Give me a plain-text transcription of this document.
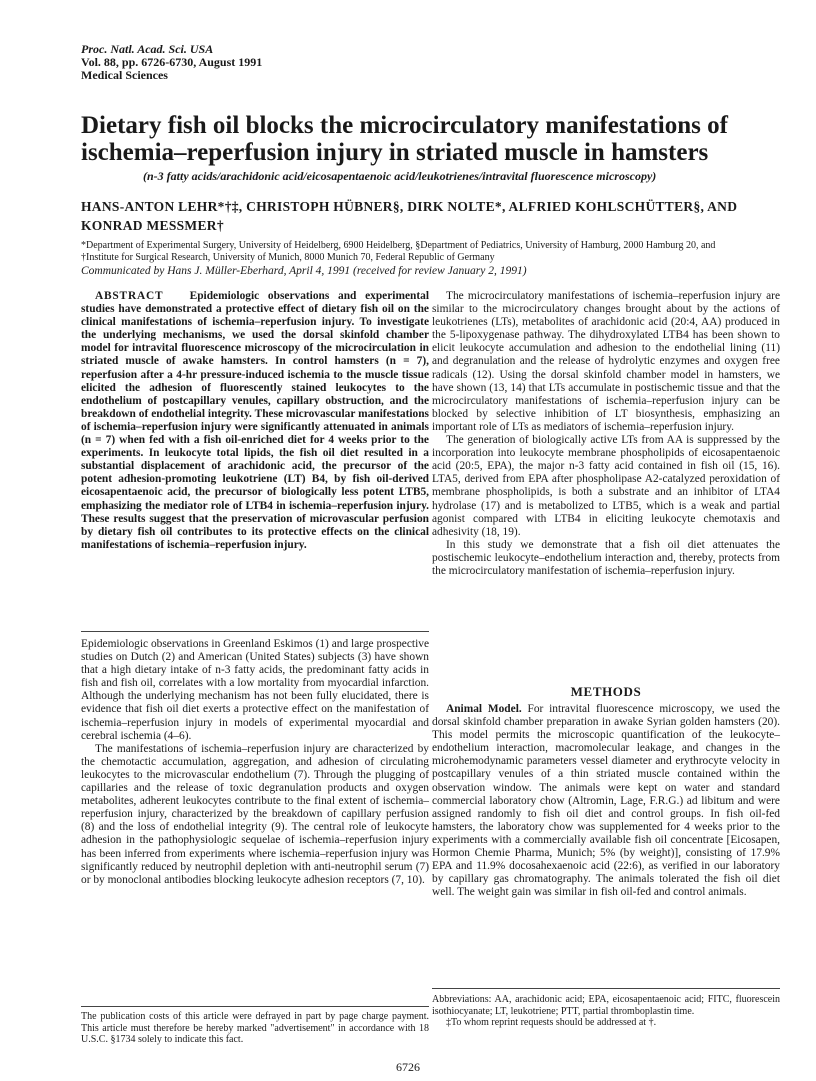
Proc. Natl. Acad. Sci. USA
Vol. 88, pp. 6726-6730, August 1991
Medical Sciences
Dietary fish oil blocks the microcirculatory manifestations of ischemia–reperfusion injury in striated muscle in hamsters
(n-3 fatty acids/arachidonic acid/eicosapentaenoic acid/leukotrienes/intravital fluorescence microscopy)
HANS-ANTON LEHR*†‡, CHRISTOPH HÜBNER§, DIRK NOLTE*, ALFRIED KOHLSCHÜTTER§, AND KONRAD MESSMER†
*Department of Experimental Surgery, University of Heidelberg, 6900 Heidelberg, §Department of Pediatrics, University of Hamburg, 2000 Hamburg 20, and †Institute for Surgical Research, University of Munich, 8000 Munich 70, Federal Republic of Germany
Communicated by Hans J. Müller-Eberhard, April 4, 1991 (received for review January 2, 1991)

ABSTRACT Epidemiologic observations and experimental studies have demonstrated a protective effect of dietary fish oil on the clinical manifestations of ischemia–reperfusion injury. To investigate the underlying mechanisms, we used the dorsal skinfold chamber model for intravital fluorescence microscopy of the microcirculation in striated muscle of awake hamsters. In control hamsters (n = 7), reperfusion after a 4-hr pressure-induced ischemia to the muscle tissue elicited the adhesion of fluorescently stained leukocytes to the endothelium of postcapillary venules, capillary obstruction, and the breakdown of endothelial integrity. These microvascular manifestations of ischemia–reperfusion injury were significantly attenuated in animals (n = 7) when fed with a fish oil-enriched diet for 4 weeks prior to the experiments. In leukocyte total lipids, the fish oil diet resulted in a substantial displacement of arachidonic acid, the precursor of the potent adhesion-promoting leukotriene (LT) B4, by fish oil-derived eicosapentaenoic acid, the precursor of biologically less potent LTB5, emphasizing the mediator role of LTB4 in ischemia–reperfusion injury. These results suggest that the preservation of microvascular perfusion by dietary fish oil contributes to its protective effects on the clinical manifestations of ischemia–reperfusion injury.

Epidemiologic observations in Greenland Eskimos (1) and large prospective studies on Dutch (2) and American (United States) subjects (3) have shown that a high dietary intake of n-3 fatty acids, the predominant fatty acids in fish and fish oil, correlates with a low mortality from myocardial infarction. Although the underlying mechanism has not been fully elucidated, there is evidence that fish oil diet exerts a protective effect on the manifestation of ischemia–reperfusion injury in models of experimental myocardial and cerebral ischemia (4–6).

The manifestations of ischemia–reperfusion injury are characterized by the chemotactic accumulation, aggregation, and adhesion of circulating leukocytes to the microvascular endothelium (7). Through the plugging of capillaries and the release of toxic degranulation products and oxygen metabolites, adherent leukocytes contribute to the final extent of ischemia–reperfusion injury, characterized by the breakdown of capillary perfusion (8) and the loss of endothelial integrity (9). The central role of leukocyte adhesion in the pathophysiologic sequelae of ischemia–reperfusion injury has been inferred from experiments where ischemia–reperfusion injury was significantly reduced by neutrophil depletion with anti-neutrophil serum (7) or by monoclonal antibodies blocking leukocyte adhesion receptors (7, 10).

The microcirculatory manifestations of ischemia–reperfusion injury are similar to the microcirculatory changes brought about by the actions of leukotrienes (LTs), metabolites of arachidonic acid (20:4, AA) produced in the 5-lipoxygenase pathway. The dihydroxylated LTB4 has been shown to elicit leukocyte accumulation and adhesion to the endothelial lining (11) and degranulation and the release of hydrolytic enzymes and oxygen free radicals (12). Using the dorsal skinfold chamber model in hamsters, we have shown (13, 14) that LTs accumulate in postischemic tissue and that the microcirculatory manifestations of ischemia–reperfusion injury can be blocked by selective inhibition of LT biosynthesis, emphasizing an important role of LTs as mediators of ischemia–reperfusion injury.

The generation of biologically active LTs from AA is suppressed by the incorporation into leukocyte membrane phospholipids of eicosapentaenoic acid (20:5, EPA), the major n-3 fatty acid contained in fish oil (15, 16). LTA5, derived from EPA after phospholipase A2-catalyzed peroxidation of membrane phospholipids, is both a substrate and an inhibitor of LTA4 hydrolase (17) and is metabolized to LTB5, which is a weak and partial agonist compared with LTB4 in eliciting leukocyte chemotaxis and adhesivity (18, 19).

In this study we demonstrate that a fish oil diet attenuates the postischemic leukocyte–endothelium interaction and, thereby, protects from the microcirculatory manifestation of ischemia–reperfusion injury.

METHODS

Animal Model. For intravital fluorescence microscopy, we used the dorsal skinfold chamber preparation in awake Syrian golden hamsters (20). This model permits the microscopic quantification of the leukocyte–endothelium interaction, macromolecular leakage, and changes in the microhemodynamic parameters vessel diameter and erythrocyte velocity in postcapillary venules of a thin striated muscle contained within the observation window. The animals were kept on water and standard commercial laboratory chow (Altromin, Lage, F.R.G.) ad libitum and were assigned randomly to fish oil diet and control groups. In fish oil-fed hamsters, the laboratory chow was supplemented for 4 weeks prior to the experiments with a commercially available fish oil concentrate [Eicosapen, Hormon Chemie Pharma, Munich; 5% (by weight)], consisting of 17.9% EPA and 11.9% docosahexaenoic acid (22:6), as verified in our laboratory by capillary gas chromatography. The animals tolerated the fish oil diet well. The weight gain was similar in fish oil-fed and control animals.

The publication costs of this article were defrayed in part by page charge payment. This article must therefore be hereby marked "advertisement" in accordance with 18 U.S.C. §1734 solely to indicate this fact.

Abbreviations: AA, arachidonic acid; EPA, eicosapentaenoic acid; FITC, fluorescein isothiocyanate; LT, leukotriene; PTT, partial thromboplastin time.

‡To whom reprint requests should be addressed at †.

6726
